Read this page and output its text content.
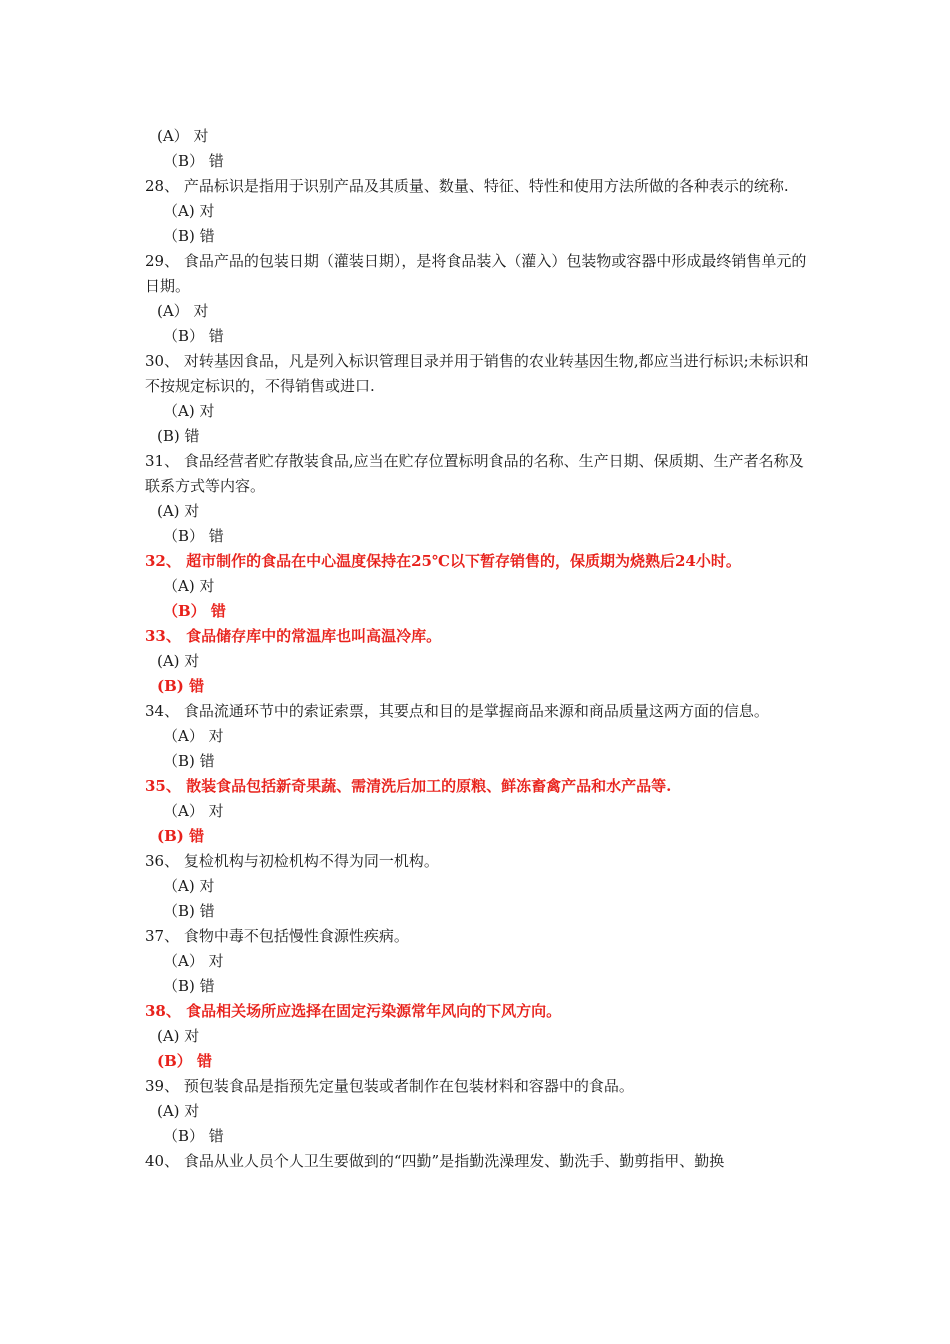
(A） 对
（B） 错
28、 产品标识是指用于识别产品及其质量、数量、特征、特性和使用方法所做的各种表示的统称.
（A) 对
（B) 错
29、 食品产品的包装日期（灌装日期），是将食品装入（灌入）包装物或容器中形成最终销售单元的日期。
(A） 对
（B） 错
30、 对转基因食品，凡是列入标识管理目录并用于销售的农业转基因生物,都应当进行标识;未标识和不按规定标识的，不得销售或进口.
（A) 对
(B) 错
31、 食品经营者贮存散装食品,应当在贮存位置标明食品的名称、生产日期、保质期、生产者名称及联系方式等内容。
(A) 对
（B） 错
32、 超市制作的食品在中心温度保持在25℃以下暂存销售的，保质期为烧熟后24小时。
（A) 对
（B） 错
33、 食品储存库中的常温库也叫高温冷库。
(A) 对
(B) 错
34、 食品流通环节中的索证索票，其要点和目的是掌握商品来源和商品质量这两方面的信息。
（A） 对
（B) 错
35、 散装食品包括新奇果蔬、需清洗后加工的原粮、鲜冻畜禽产品和水产品等.
（A） 对
(B) 错
36、 复检机构与初检机构不得为同一机构。
（A) 对
（B) 错
37、 食物中毒不包括慢性食源性疾病。
（A） 对
（B) 错
38、 食品相关场所应选择在固定污染源常年风向的下风方向。
(A) 对
(B） 错
39、 预包装食品是指预先定量包装或者制作在包装材料和容器中的食品。
(A) 对
（B） 错
40、 食品从业人员个人卫生要做到的“四勤”是指勤洗澡理发、勤洗手、勤剪指甲、勤换
